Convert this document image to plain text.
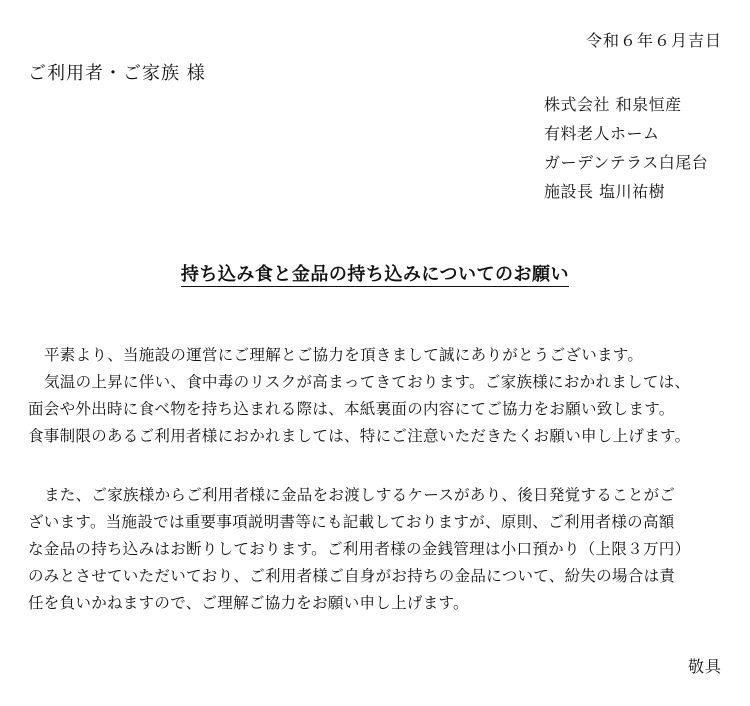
令和６年６月吉日
ご利用者・ご家族 様
株式会社 和泉恒産
有料老人ホーム
ガーデンテラス白尾台
施設長 塩川祐樹
持ち込み食と金品の持ち込みについてのお願い
平素より、当施設の運営にご理解とご協力を頂きまして誠にありがとうございます。
気温の上昇に伴い、食中毒のリスクが高まってきております。ご家族様におかれましては、
面会や外出時に食べ物を持ち込まれる際は、本紙裏面の内容にてご協力をお願い致します。
食事制限のあるご利用者様におかれましては、特にご注意いただきたくお願い申し上げます。
また、ご家族様からご利用者様に金品をお渡しするケースがあり、後日発覚することがご
ざいます。当施設では重要事項説明書等にも記載しておりますが、原則、ご利用者様の高額
な金品の持ち込みはお断りしております。ご利用者様の金銭管理は小口預かり（上限３万円）
のみとさせていただいており、ご利用者様ご自身がお持ちの金品について、紛失の場合は責
任を負いかねますので、ご理解ご協力をお願い申し上げます。
敬具
